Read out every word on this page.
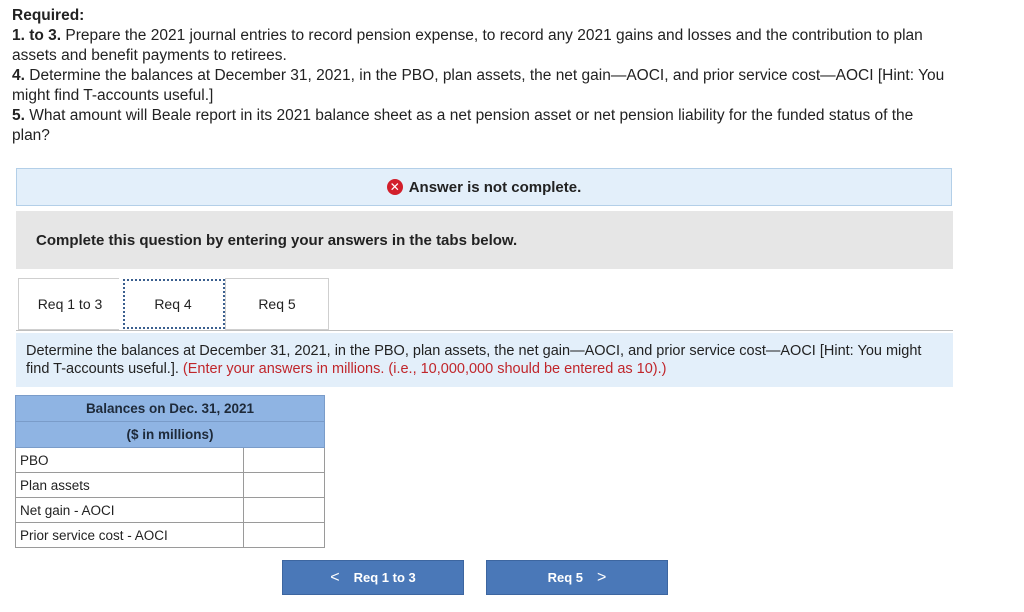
Required:
1. to 3. Prepare the 2021 journal entries to record pension expense, to record any 2021 gains and losses and the contribution to plan
assets and benefit payments to retirees.
4. Determine the balances at December 31, 2021, in the PBO, plan assets, the net gain—AOCI, and prior service cost—AOCI [Hint: You
might find T-accounts useful.]
5. What amount will Beale report in its 2021 balance sheet as a net pension asset or net pension liability for the funded status of the
plan?
✕ Answer is not complete.
Complete this question by entering your answers in the tabs below.
Req 1 to 3	Req 4	Req 5
Determine the balances at December 31, 2021, in the PBO, plan assets, the net gain—AOCI, and prior service cost—AOCI [Hint: You might find T-accounts useful.]. (Enter your answers in millions. (i.e., 10,000,000 should be entered as 10).)
Balances on Dec. 31, 2021	
($ in millions)	
PBO	
Plan assets	
Net gain - AOCI	
Prior service cost - AOCI	
< Req 1 to 3	Req 5 >
